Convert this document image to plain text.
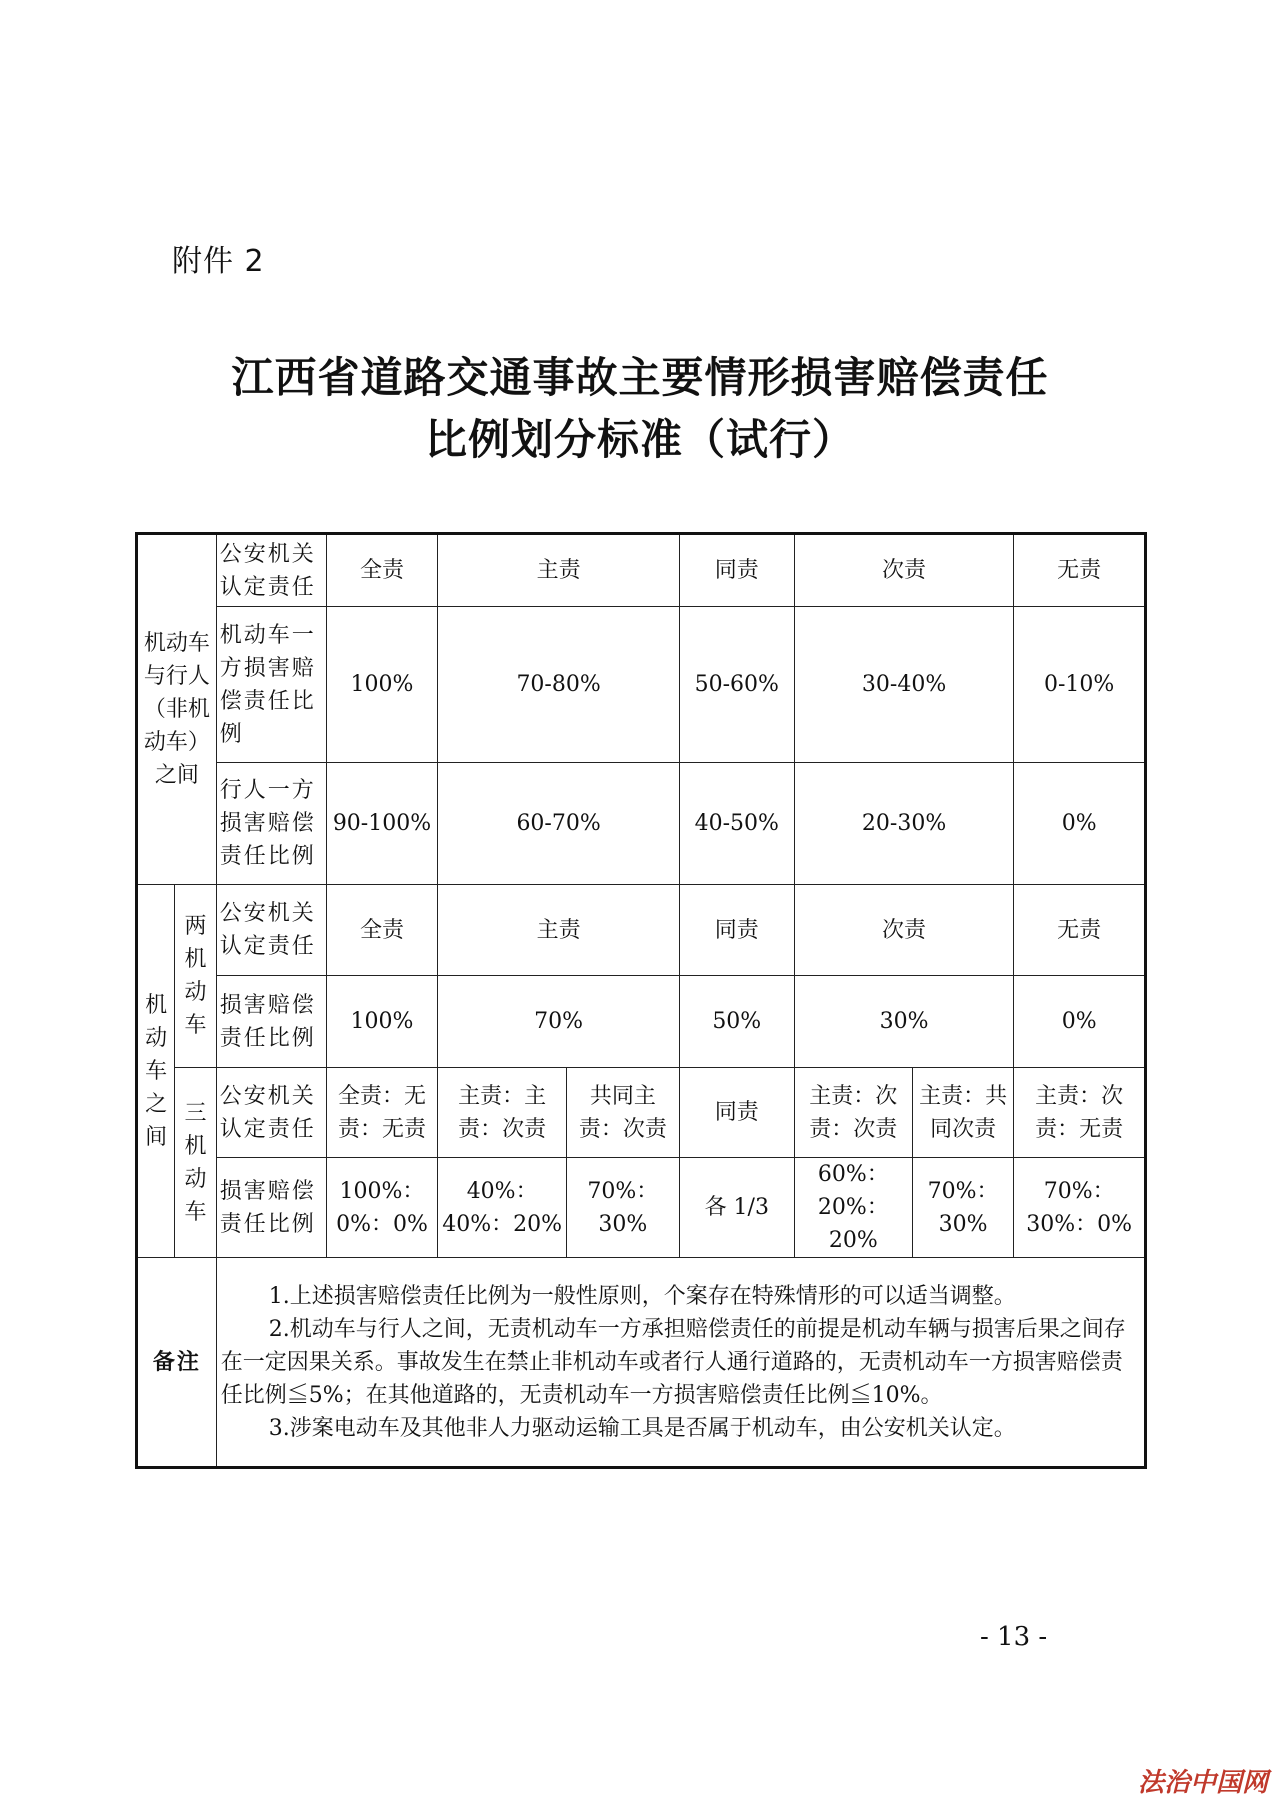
附件 2
江西省道路交通事故主要情形损害赔偿责任
比例划分标准（试行）
机动车与行人（非机动车）之间		公安机关认定责任	全责	主责		同责	次责		无责
		机动车一方损害赔偿责任比例	100%	70-80%		50-60%	30-40%		0-10%
		行人一方损害赔偿责任比例	90-100%	60-70%		40-50%	20-30%		0%
机动车之间	两机动车	公安机关认定责任	全责	主责		同责	次责		无责
		损害赔偿责任比例	100%	70%		50%	30%		0%
	三机动车	公安机关认定责任	全责：无责：无责	主责：主责：次责	共同主责：次责	同责	主责：次责：次责	主责：共同次责	主责：次责：无责
		损害赔偿责任比例	100%：0%：0%	40%：40%：20%	70%：30%	各 1/3	60%：20%：20%	70%：30%	70%：30%：0%
备注		1.上述损害赔偿责任比例为一般性原则，个案存在特殊情形的可以适当调整。

2.机动车与行人之间，无责机动车一方承担赔偿责任的前提是机动车辆与损害后果之间存在一定因果关系。事故发生在禁止非机动车或者行人通行道路的，无责机动车一方损害赔偿责任比例≦5%；在其他道路的，无责机动车一方损害赔偿责任比例≦10%。

3.涉案电动车及其他非人力驱动运输工具是否属于机动车，由公安机关认定。							

- 13 -
法治中国网
